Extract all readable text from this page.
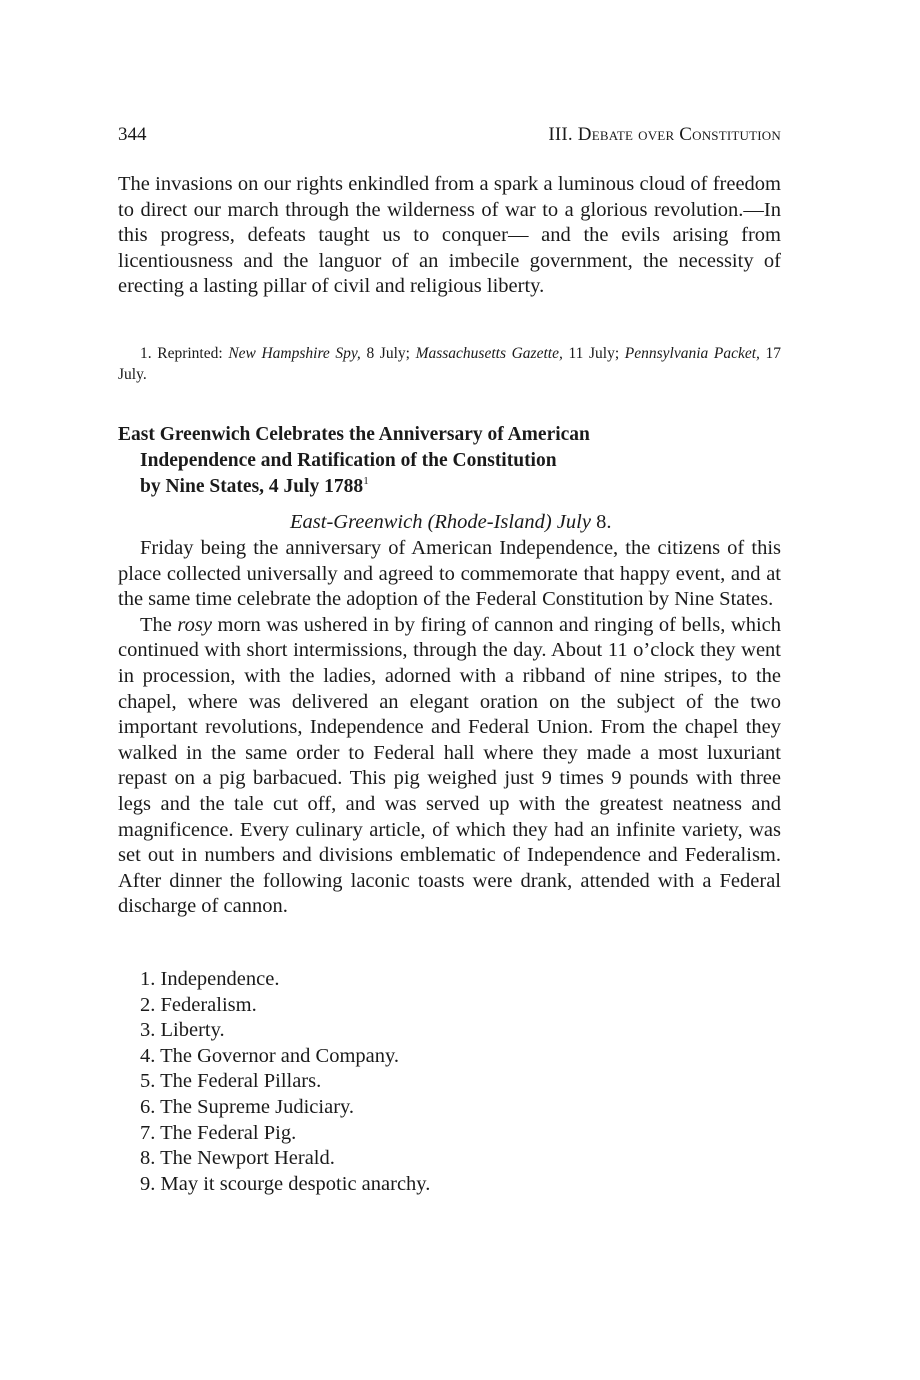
344	III. Debate over Constitution

The invasions on our rights enkindled from a spark a luminous cloud of freedom to direct our march through the wilderness of war to a glorious revolution.—In this progress, defeats taught us to conquer— and the evils arising from licentiousness and the languor of an imbecile government, the necessity of erecting a lasting pillar of civil and religious liberty.

1. Reprinted: New Hampshire Spy, 8 July; Massachusetts Gazette, 11 July; Pennsylvania Packet, 17 July.
East Greenwich Celebrates the Anniversary of American
Independence and Ratification of the Constitution
by Nine States, 4 July 1788$^1$
East-Greenwich (Rhode-Island) July 8.

Friday being the anniversary of American Independence, the citizens of this place collected universally and agreed to commemorate that happy event, and at the same time celebrate the adoption of the Federal Constitution by Nine States.

The rosy morn was ushered in by firing of cannon and ringing of bells, which continued with short intermissions, through the day. About 11 o’clock they went in procession, with the ladies, adorned with a ribband of nine stripes, to the chapel, where was delivered an elegant oration on the subject of the two important revolutions, Independence and Federal Union. From the chapel they walked in the same order to Federal hall where they made a most luxuriant repast on a pig barbacued. This pig weighed just 9 times 9 pounds with three legs and the tale cut off, and was served up with the greatest neatness and magnificence. Every culinary article, of which they had an infinite variety, was set out in numbers and divisions emblematic of Independence and Federalism. After dinner the following laconic toasts were drank, attended with a Federal discharge of cannon.

1. Independence.
2. Federalism.
3. Liberty.
4. The Governor and Company.
5. The Federal Pillars.
6. The Supreme Judiciary.
7. The Federal Pig.
8. The Newport Herald.
9. May it scourge despotic anarchy.
